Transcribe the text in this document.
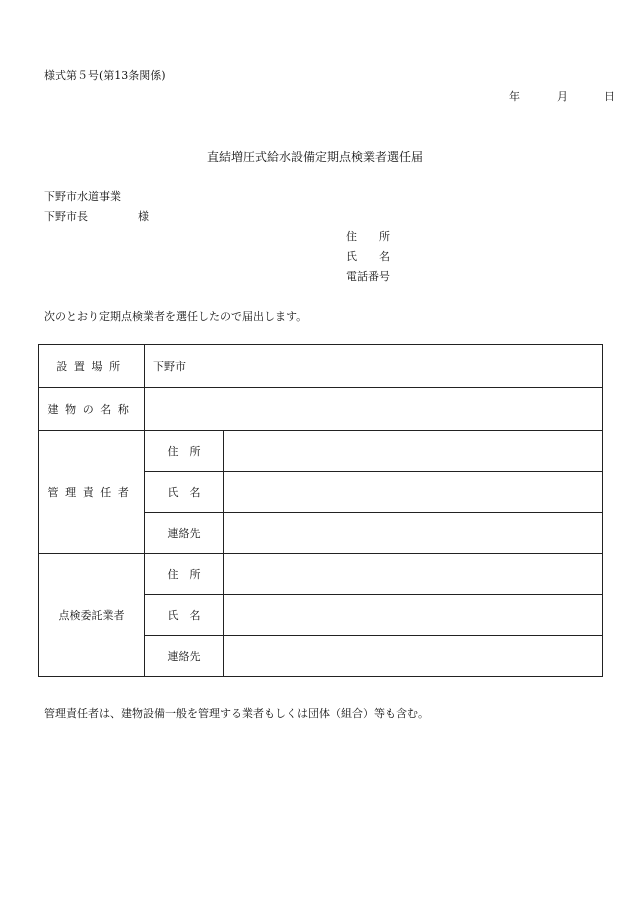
様式第５号(第13条関係)
年	月	日
直結増圧式給水設備定期点検業者選任届
下野市水道事業
下野市長	様
住　　所
氏　　名
電話番号
次のとおり定期点検業者を選任したので届出します。
設置場所	下野市	
建物の名称		
管理責任者	住　所	
	氏　名	
	連絡先	
点検委託業者	住　所	
	氏　名	
	連絡先	
管理責任者は、建物設備一般を管理する業者もしくは団体（組合）等も含む。
